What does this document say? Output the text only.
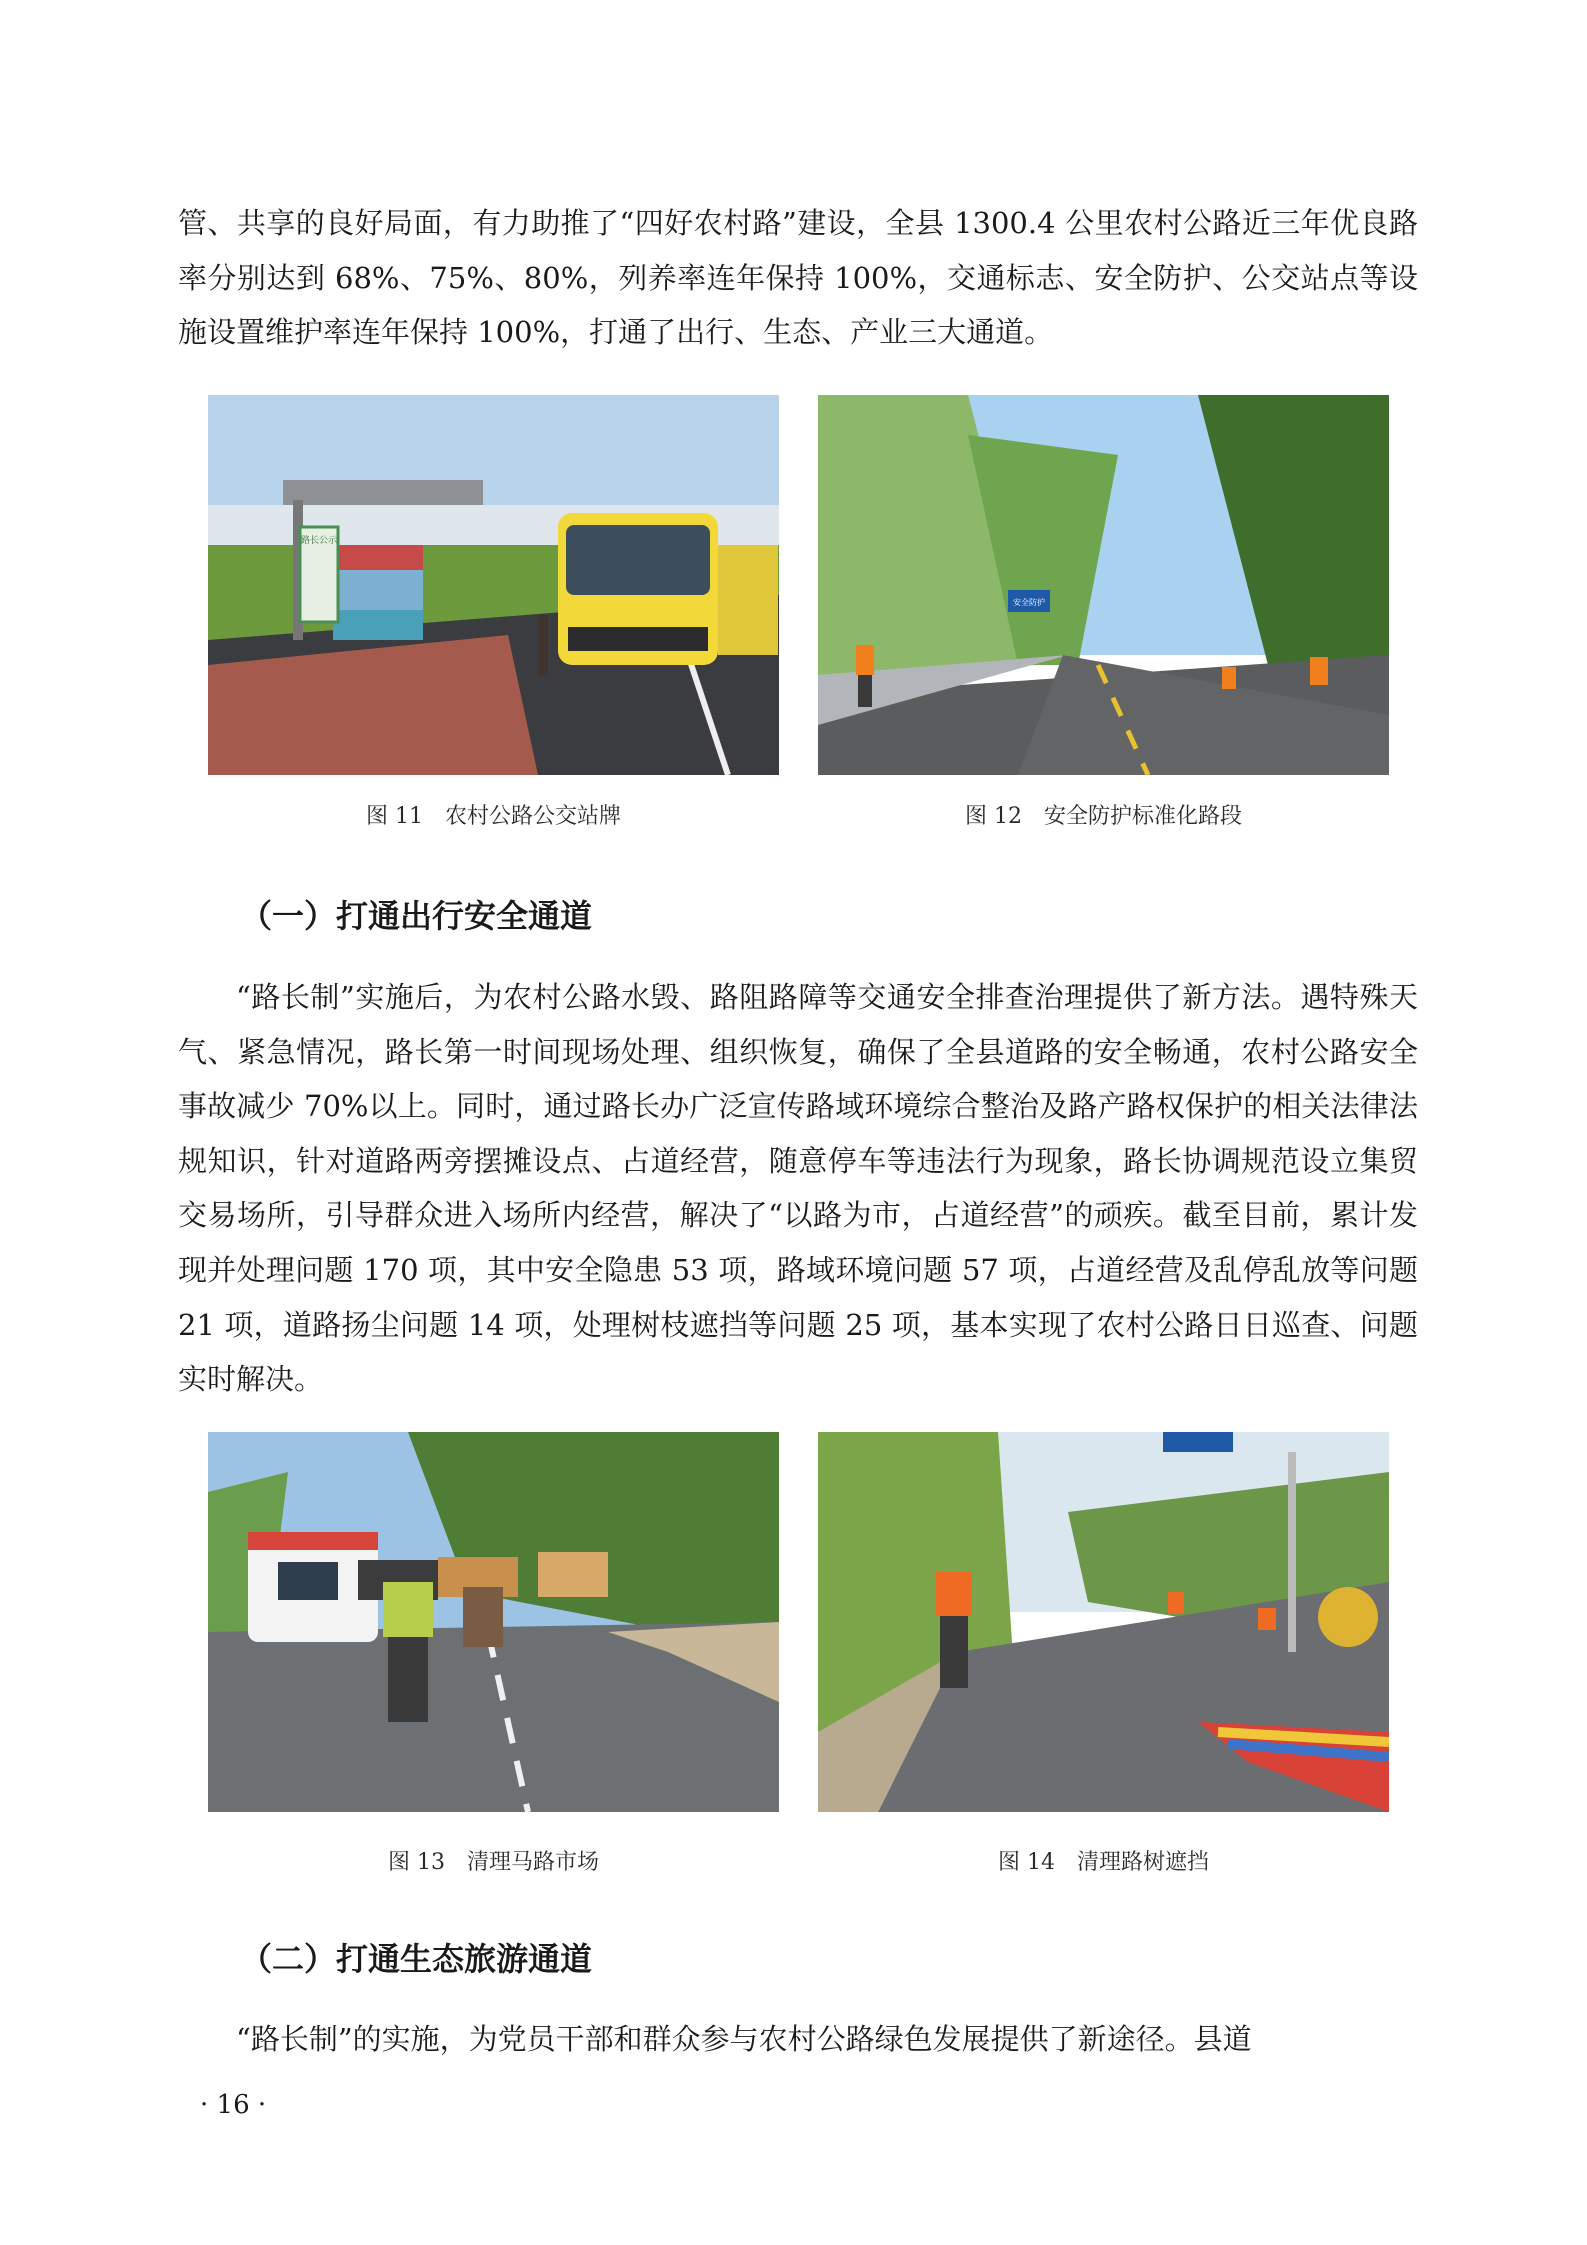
管、共享的良好局面，有力助推了“四好农村路”建设，全县 1300.4 公里农村公路近三年优良路率分别达到 68%、75%、80%，列养率连年保持 100%，交通标志、安全防护、公交站点等设施设置维护率连年保持 100%，打通了出行、生态、产业三大通道。

路长公示

图 11　农村公路公交站牌

安全防护

图 12　安全防护标准化路段

（一）打通出行安全通道

“路长制”实施后，为农村公路水毁、路阻路障等交通安全排查治理提供了新方法。遇特殊天气、紧急情况，路长第一时间现场处理、组织恢复，确保了全县道路的安全畅通，农村公路安全事故减少 70%以上。同时，通过路长办广泛宣传路域环境综合整治及路产路权保护的相关法律法规知识，针对道路两旁摆摊设点、占道经营，随意停车等违法行为现象，路长协调规范设立集贸交易场所，引导群众进入场所内经营，解决了“以路为市，占道经营”的顽疾。截至目前，累计发现并处理问题 170 项，其中安全隐患 53 项，路域环境问题 57 项，占道经营及乱停乱放等问题 21 项，道路扬尘问题 14 项，处理树枝遮挡等问题 25 项，基本实现了农村公路日日巡查、问题实时解决。

图 13　清理马路市场	图 14　清理路树遮挡

（二）打通生态旅游通道

“路长制”的实施，为党员干部和群众参与农村公路绿色发展提供了新途径。县道

· 16 ·
